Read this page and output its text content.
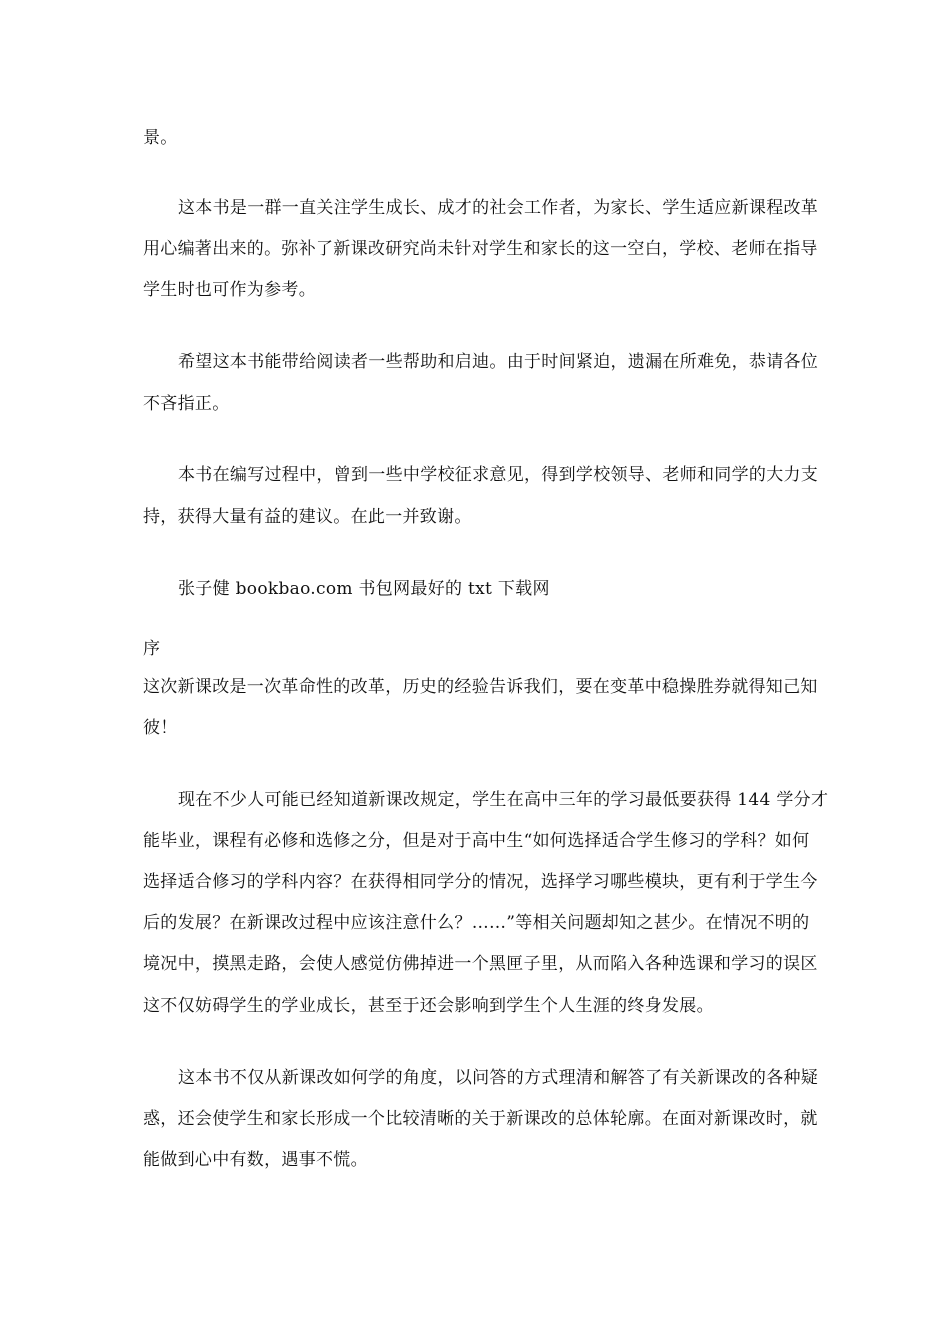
景。
这本书是一群一直关注学生成长、成才的社会工作者，为家长、学生适应新课程改革
用心编著出来的。弥补了新课改研究尚未针对学生和家长的这一空白，学校、老师在指导
学生时也可作为参考。
希望这本书能带给阅读者一些帮助和启迪。由于时间紧迫，遗漏在所难免，恭请各位
不吝指正。
本书在编写过程中，曾到一些中学校征求意见，得到学校领导、老师和同学的大力支
持，获得大量有益的建议。在此一并致谢。
张子健 bookbao.com 书包网最好的 txt 下载网
序
这次新课改是一次革命性的改革，历史的经验告诉我们，要在变革中稳操胜券就得知己知
彼！
现在不少人可能已经知道新课改规定，学生在高中三年的学习最低要获得 144 学分才
能毕业，课程有必修和选修之分，但是对于高中生“如何选择适合学生修习的学科？如何
选择适合修习的学科内容？在获得相同学分的情况，选择学习哪些模块，更有利于学生今
后的发展？在新课改过程中应该注意什么？……”等相关问题却知之甚少。在情况不明的
境况中，摸黑走路，会使人感觉仿佛掉进一个黑匣子里，从而陷入各种选课和学习的误区
这不仅妨碍学生的学业成长，甚至于还会影响到学生个人生涯的终身发展。
这本书不仅从新课改如何学的角度，以问答的方式理清和解答了有关新课改的各种疑
惑，还会使学生和家长形成一个比较清晰的关于新课改的总体轮廓。在面对新课改时，就
能做到心中有数，遇事不慌。
